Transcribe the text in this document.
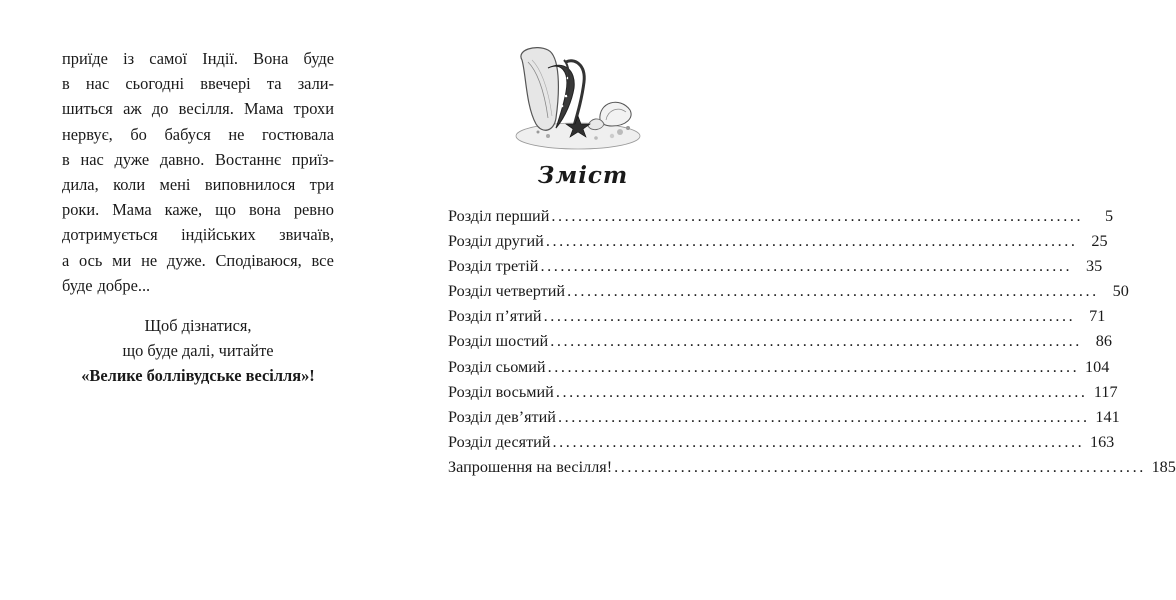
приїде із самої Індії. Вона буде
в нас сьогодні ввечері та зали-
шиться аж до весілля. Мама трохи
нервує, бо бабуся не гостювала
в нас дуже давно. Востаннє приїз-
дила, коли мені виповнилося три
роки. Мама каже, що вона ревно
дотримується індійських звичаїв,
а ось ми не дуже. Сподіваюся, все
буде добре...
Щоб дізнатися,
що буде далі, читайте
«Велике боллівудське весілля»!
Зміст
Розділ перший ................................................................................	5
Розділ другий ................................................................................ 25
Розділ третій ................................................................................ 35
Розділ четвертий ................................................................................ 50
Розділ п’ятий ................................................................................ 71
Розділ шостий ................................................................................ 86
Розділ сьомий ................................................................................ 104
Розділ восьмий ................................................................................ 117
Розділ дев’ятий ................................................................................ 141
Розділ десятий ................................................................................ 163
Запрошення на весілля! ................................................................................ 185
